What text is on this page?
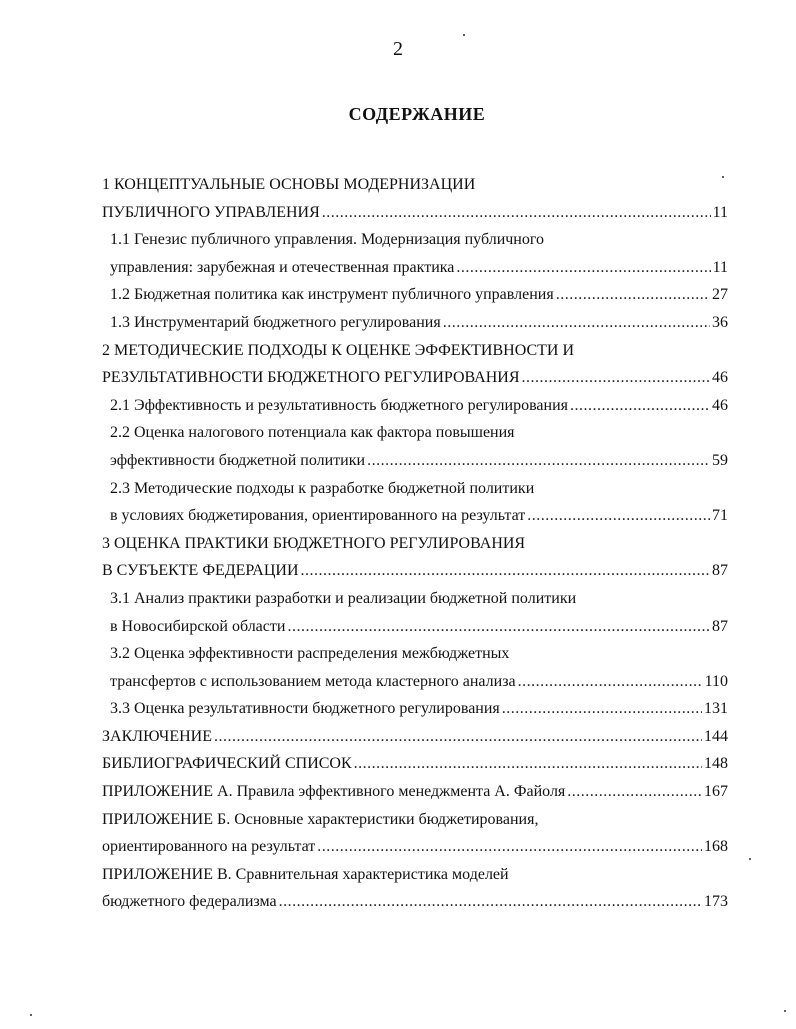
2
СОДЕРЖАНИЕ
1 КОНЦЕПТУАЛЬНЫЕ ОСНОВЫ МОДЕРНИЗАЦИИ
ПУБЛИЧНОГО УПРАВЛЕНИЯ .....	11
1.1 Генезис публичного управления. Модернизация публичного
управления: зарубежная и отечественная практика .....	11
1.2 Бюджетная политика как инструмент публичного управления .....	27
1.3 Инструментарий бюджетного регулирования .....	36
2 МЕТОДИЧЕСКИЕ ПОДХОДЫ К ОЦЕНКЕ ЭФФЕКТИВНОСТИ И
РЕЗУЛЬТАТИВНОСТИ БЮДЖЕТНОГО РЕГУЛИРОВАНИЯ .....	46
2.1 Эффективность и результативность бюджетного регулирования .....	46
2.2 Оценка налогового потенциала как фактора повышения
эффективности бюджетной политики .....	59
2.3 Методические подходы к разработке бюджетной политики
в условиях бюджетирования, ориентированного на результат .....	71
3 ОЦЕНКА ПРАКТИКИ БЮДЖЕТНОГО РЕГУЛИРОВАНИЯ
В СУБЪЕКТЕ ФЕДЕРАЦИИ .....	87
3.1 Анализ практики разработки и реализации бюджетной политики
в Новосибирской области .....	87
3.2 Оценка эффективности распределения межбюджетных
трансфертов с использованием метода кластерного анализа .....	110
3.3 Оценка результативности бюджетного регулирования .....	131
ЗАКЛЮЧЕНИЕ .....	144
БИБЛИОГРАФИЧЕСКИЙ СПИСОК .....	148
ПРИЛОЖЕНИЕ А. Правила эффективного менеджмента А. Файоля .....	167
ПРИЛОЖЕНИЕ Б. Основные характеристики бюджетирования,
ориентированного на результат .....	168
ПРИЛОЖЕНИЕ В. Сравнительная характеристика моделей
бюджетного федерализма .....	173
